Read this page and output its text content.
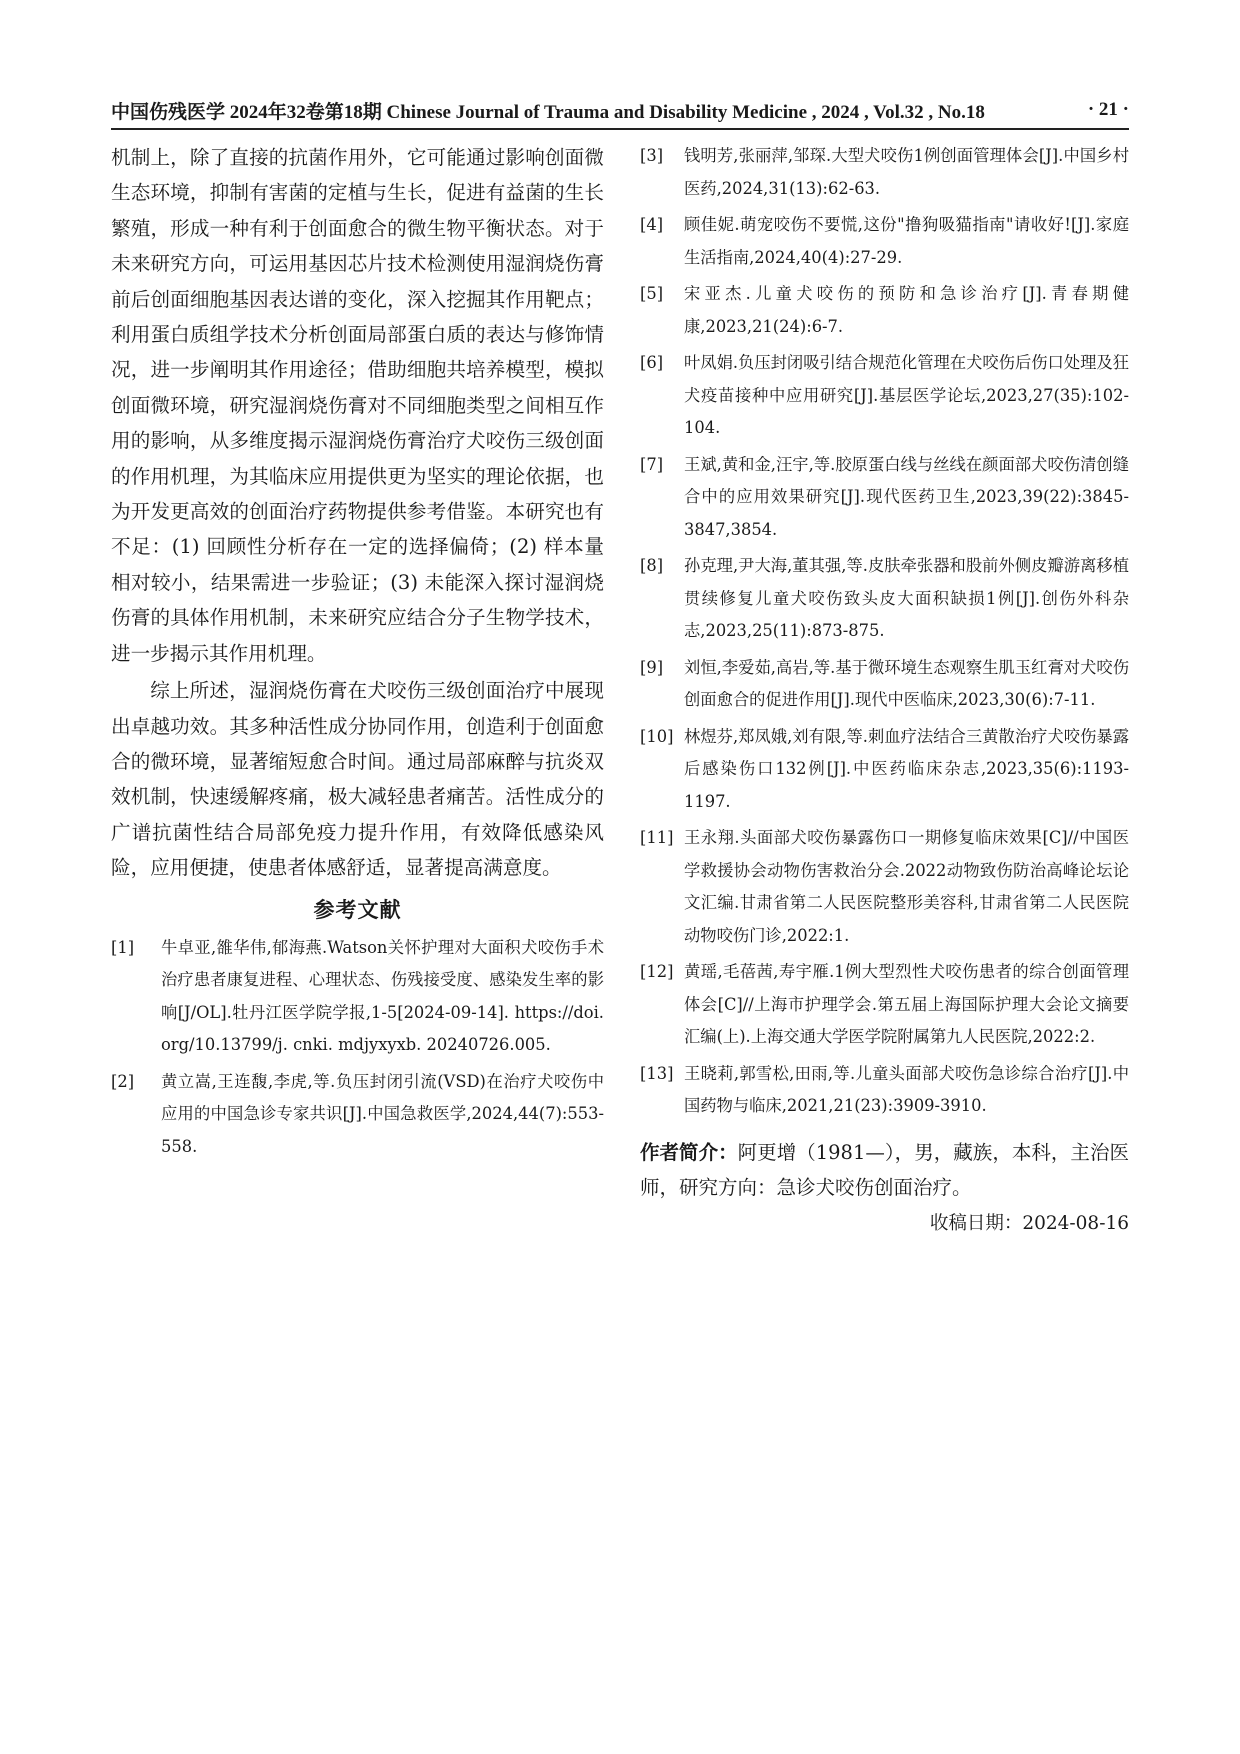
中国伤残医学 2024年32卷第18期 Chinese Journal of Trauma and Disability Medicine , 2024 , Vol.32 , No.18	· 21 ·

机制上，除了直接的抗菌作用外，它可能通过影响创面微生态环境，抑制有害菌的定植与生长，促进有益菌的生长繁殖，形成一种有利于创面愈合的微生物平衡状态。对于未来研究方向，可运用基因芯片技术检测使用湿润烧伤膏前后创面细胞基因表达谱的变化，深入挖掘其作用靶点；利用蛋白质组学技术分析创面局部蛋白质的表达与修饰情况，进一步阐明其作用途径；借助细胞共培养模型，模拟创面微环境，研究湿润烧伤膏对不同细胞类型之间相互作用的影响，从多维度揭示湿润烧伤膏治疗犬咬伤三级创面的作用机理，为其临床应用提供更为坚实的理论依据，也为开发更高效的创面治疗药物提供参考借鉴。本研究也有不足：(1) 回顾性分析存在一定的选择偏倚；(2) 样本量相对较小，结果需进一步验证；(3) 未能深入探讨湿润烧伤膏的具体作用机制，未来研究应结合分子生物学技术，进一步揭示其作用机理。

综上所述，湿润烧伤膏在犬咬伤三级创面治疗中展现出卓越功效。其多种活性成分协同作用，创造利于创面愈合的微环境，显著缩短愈合时间。通过局部麻醉与抗炎双效机制，快速缓解疼痛，极大减轻患者痛苦。活性成分的广谱抗菌性结合局部免疫力提升作用，有效降低感染风险，应用便捷，使患者体感舒适，显著提高满意度。

参考文献
[1]	牛卓亚,雒华伟,郁海燕.Watson关怀护理对大面积犬咬伤手术治疗患者康复进程、心理状态、伤残接受度、感染发生率的影响[J/OL].牡丹江医学院学报,1-5[2024-09-14]. https://doi. org/10.13799/j. cnki. mdjyxyxb. 20240726.005.
[2]	黄立嵩,王连馥,李虎,等.负压封闭引流(VSD)在治疗犬咬伤中应用的中国急诊专家共识[J].中国急救医学,2024,44(7):553-558.
[3]	钱明芳,张丽萍,邹琛.大型犬咬伤1例创面管理体会[J].中国乡村医药,2024,31(13):62-63.
[4]	顾佳妮.萌宠咬伤不要慌,这份"撸狗吸猫指南"请收好![J].家庭生活指南,2024,40(4):27-29.
[5]	宋亚杰.儿童犬咬伤的预防和急诊治疗[J].青春期健康,2023,21(24):6-7.
[6]	叶凤娟.负压封闭吸引结合规范化管理在犬咬伤后伤口处理及狂犬疫苗接种中应用研究[J].基层医学论坛,2023,27(35):102-104.
[7]	王斌,黄和金,汪宇,等.胶原蛋白线与丝线在颜面部犬咬伤清创缝合中的应用效果研究[J].现代医药卫生,2023,39(22):3845-3847,3854.
[8]	孙克理,尹大海,董其强,等.皮肤牵张器和股前外侧皮瓣游离移植贯续修复儿童犬咬伤致头皮大面积缺损1例[J].创伤外科杂志,2023,25(11):873-875.
[9]	刘恒,李爱茹,高岩,等.基于微环境生态观察生肌玉红膏对犬咬伤创面愈合的促进作用[J].现代中医临床,2023,30(6):7-11.
[10] 林煜芬,郑凤娥,刘有限,等.刺血疗法结合三黄散治疗犬咬伤暴露后感染伤口132例[J].中医药临床杂志,2023,35(6):1193-1197.
[11] 王永翔.头面部犬咬伤暴露伤口一期修复临床效果[C]//中国医学救援协会动物伤害救治分会.2022动物致伤防治高峰论坛论文汇编.甘肃省第二人民医院整形美容科,甘肃省第二人民医院动物咬伤门诊,2022:1.
[12] 黄瑶,毛蓓茜,寿宇雁.1例大型烈性犬咬伤患者的综合创面管理体会[C]//上海市护理学会.第五届上海国际护理大会论文摘要汇编(上).上海交通大学医学院附属第九人民医院,2022:2.
[13] 王晓莉,郭雪松,田雨,等.儿童头面部犬咬伤急诊综合治疗[J].中国药物与临床,2021,21(23):3909-3910.

作者简介：阿更增（1981—），男，藏族，本科，主治医师，研究方向：急诊犬咬伤创面治疗。

收稿日期：2024-08-16
